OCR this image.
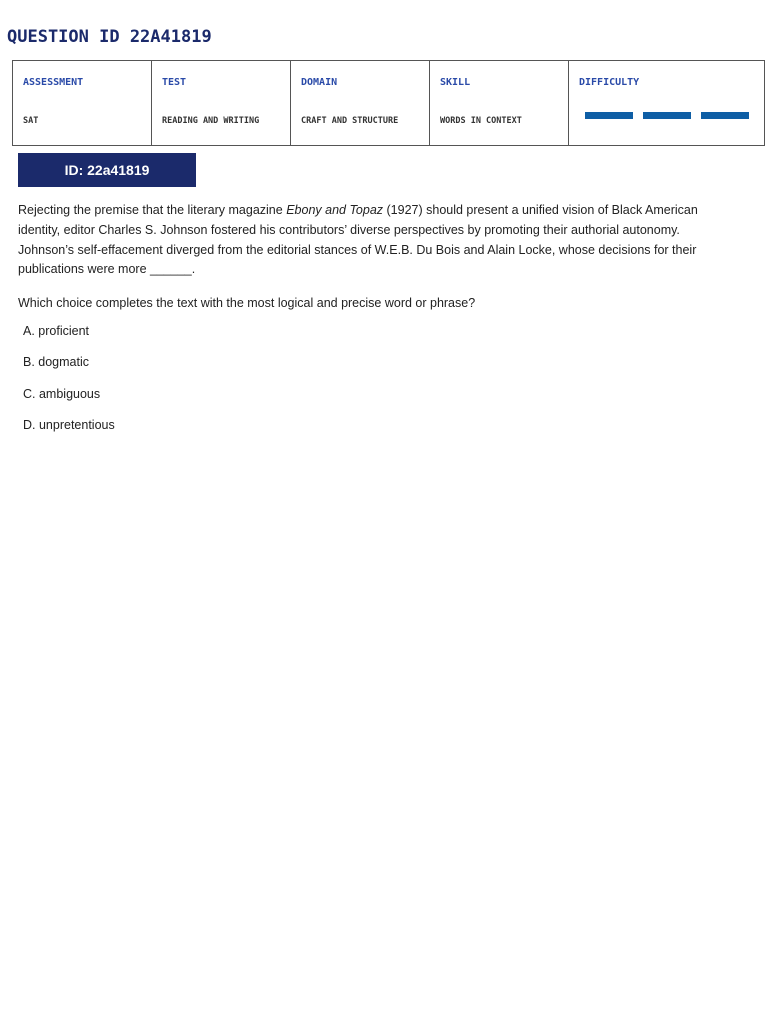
QUESTION ID 22A41819
ASSESSMENT
SAT

TEST
READING AND WRITING

DOMAIN
CRAFT AND STRUCTURE

SKILL
WORDS IN CONTEXT

DIFFICULTY
ID: 22a41819

Rejecting the premise that the literary magazine Ebony and Topaz (1927) should present a unified vision of Black American identity, editor Charles S. Johnson fostered his contributors’ diverse perspectives by promoting their authorial autonomy. Johnson’s self-effacement diverged from the editorial stances of W.E.B. Du Bois and Alain Locke, whose decisions for their publications were more ______.

Which choice completes the text with the most logical and precise word or phrase?

A. proficient
B. dogmatic
C. ambiguous
D. unpretentious
